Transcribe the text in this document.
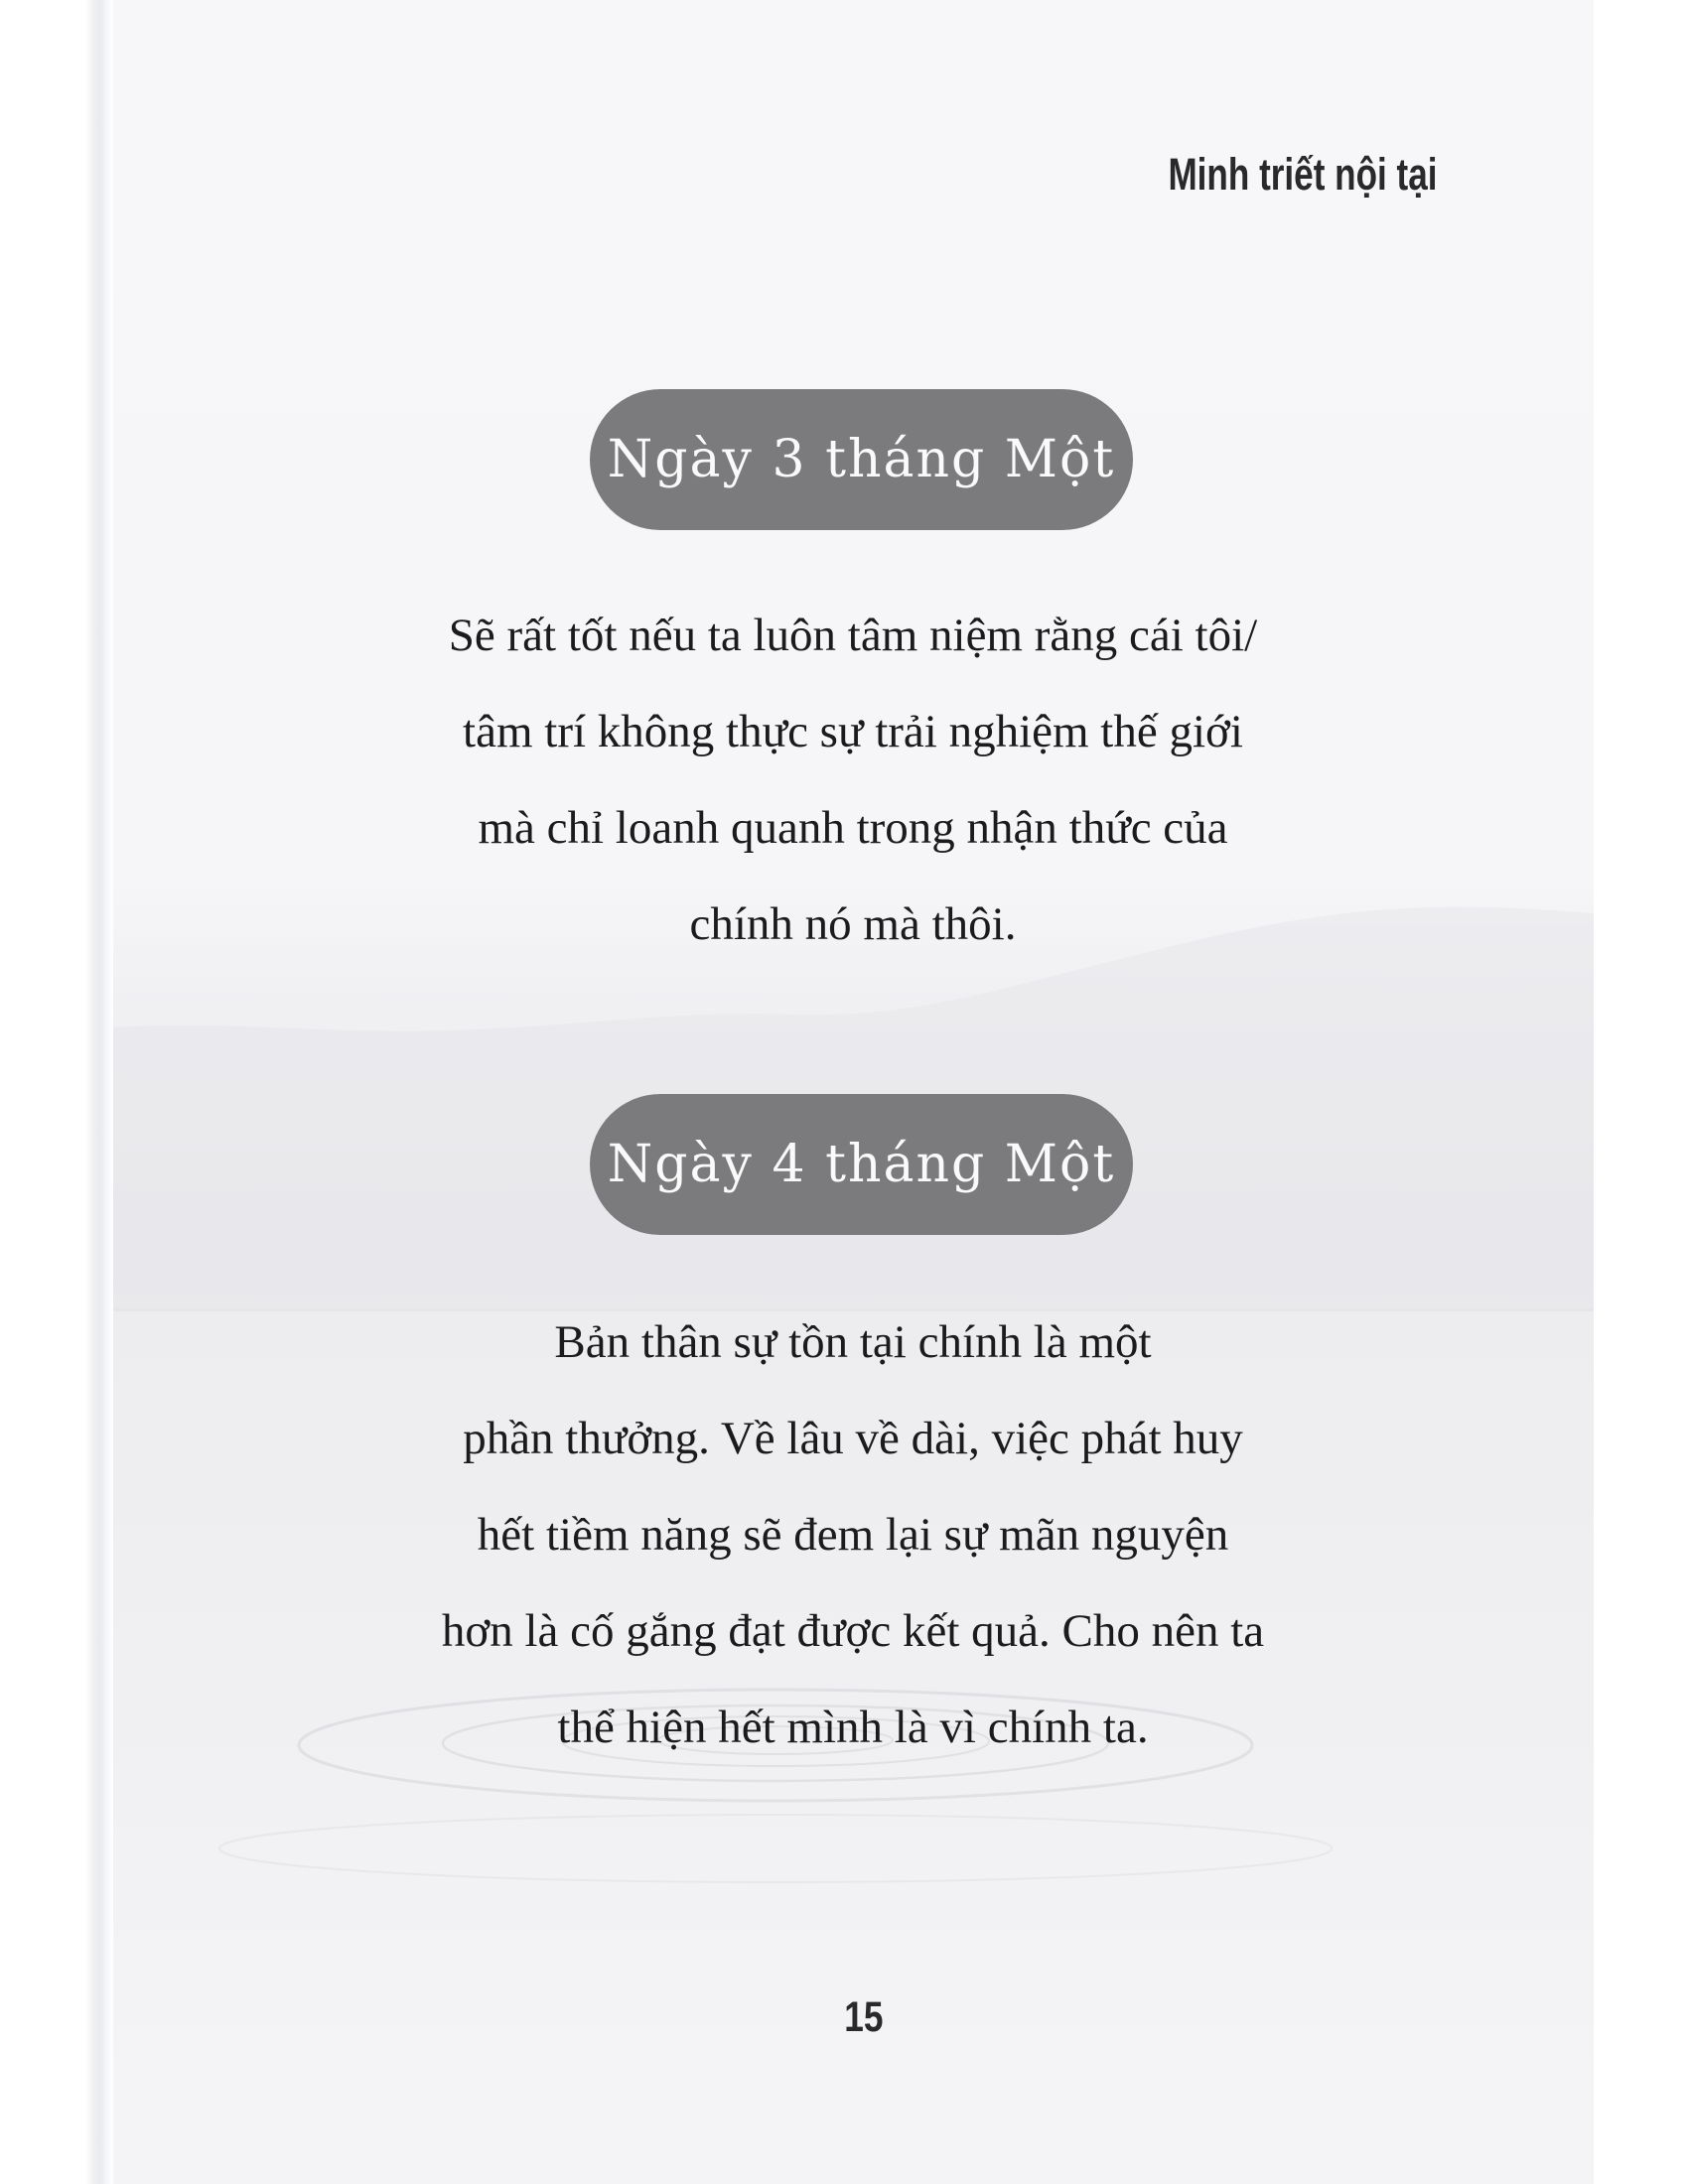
Minh triết nội tại
Ngày 3 tháng Một
Sẽ rất tốt nếu ta luôn tâm niệm rằng cái tôi/
tâm trí không thực sự trải nghiệm thế giới
mà chỉ loanh quanh trong nhận thức của
chính nó mà thôi.
Ngày 4 tháng Một
Bản thân sự tồn tại chính là một
phần thưởng. Về lâu về dài, việc phát huy
hết tiềm năng sẽ đem lại sự mãn nguyện
hơn là cố gắng đạt được kết quả. Cho nên ta
thể hiện hết mình là vì chính ta.
15
